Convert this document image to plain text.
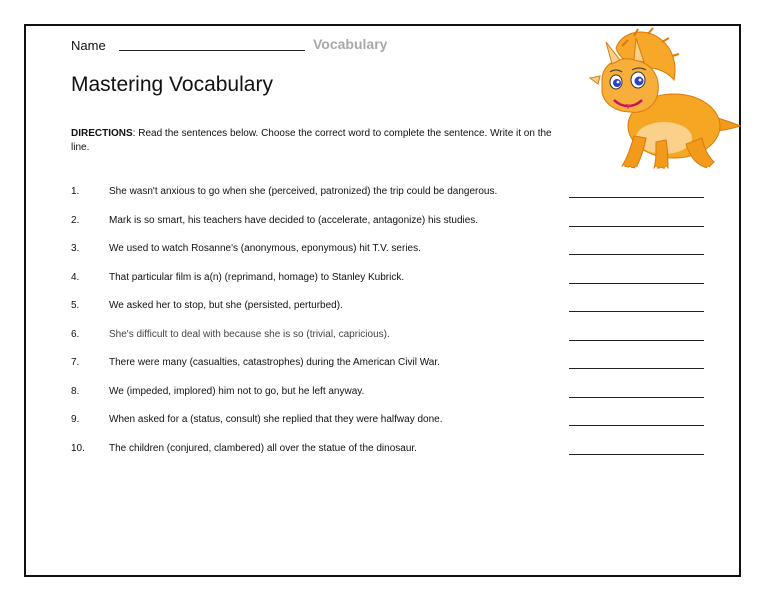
Name	Vocabulary
Mastering Vocabulary
DIRECTIONS: Read the sentences below. Choose the correct word to complete the sentence. Write it on the line.
1.	She wasn't anxious to go when she (perceived, patronized) the trip could be dangerous.
2.	Mark is so smart, his teachers have decided to (accelerate, antagonize) his studies.
3.	We used to watch Rosanne's (anonymous, eponymous) hit T.V. series.
4.	That particular film is a(n) (reprimand, homage) to Stanley Kubrick.
5.	We asked her to stop, but she (persisted, perturbed).
6.	She's difficult to deal with because she is so (trivial, capricious).
7.	There were many (casualties, catastrophes) during the American Civil War.
8.	We (impeded, implored) him not to go, but he left anyway.
9.	When asked for a (status, consult) she replied that they were halfway done.
10.	The children (conjured, clambered) all over the statue of the dinosaur.
